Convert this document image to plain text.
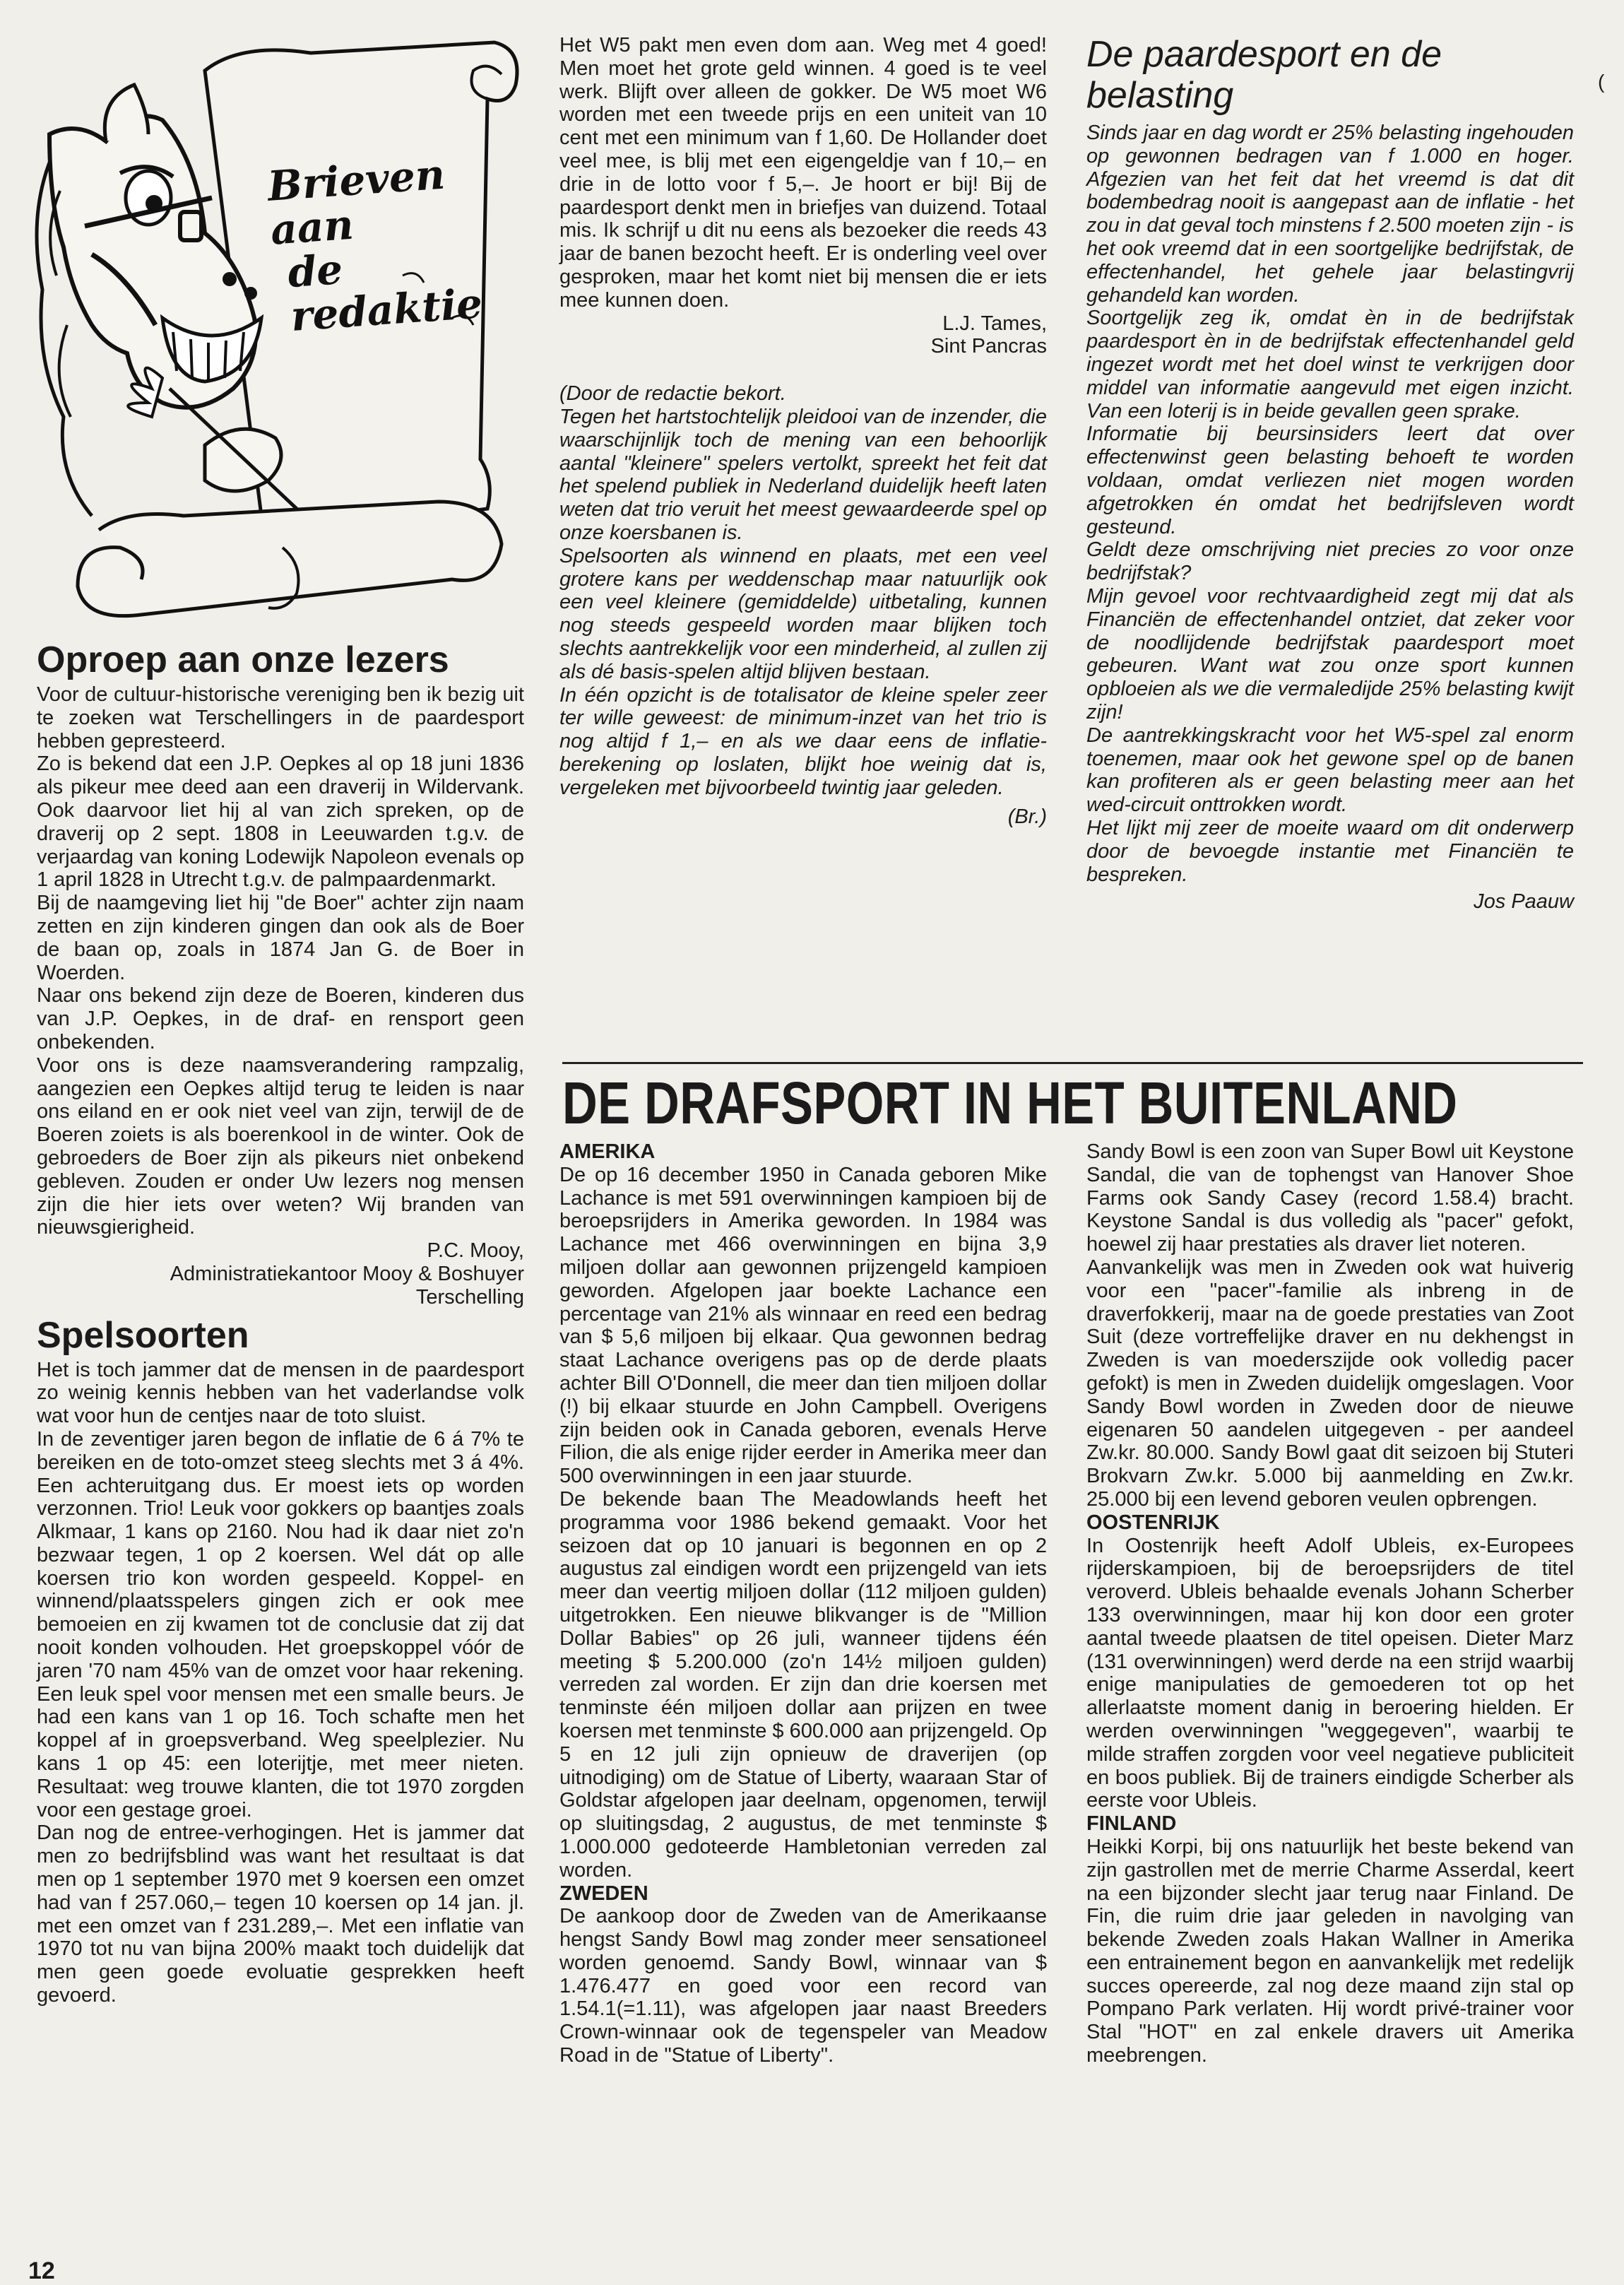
(
Brieven aan
de redaktie
Oproep aan onze lezers

Voor de cultuur-historische vereniging ben ik bezig uit te zoeken wat Terschellingers in de paardesport hebben gepresteerd.

Zo is bekend dat een J.P. Oepkes al op 18 juni 1836 als pikeur mee deed aan een draverij in Wildervank. Ook daarvoor liet hij al van zich spreken, op de draverij op 2 sept. 1808 in Leeuwarden t.g.v. de verjaardag van koning Lodewijk Napoleon evenals op 1 april 1828 in Utrecht t.g.v. de palmpaardenmarkt.

Bij de naamgeving liet hij "de Boer" achter zijn naam zetten en zijn kinderen gingen dan ook als de Boer de baan op, zoals in 1874 Jan G. de Boer in Woerden.

Naar ons bekend zijn deze de Boeren, kinderen dus van J.P. Oepkes, in de draf- en rensport geen onbekenden.

Voor ons is deze naamsverandering rampzalig, aangezien een Oepkes altijd terug te leiden is naar ons eiland en er ook niet veel van zijn, terwijl de de Boeren zoiets is als boerenkool in de winter. Ook de gebroeders de Boer zijn als pikeurs niet onbekend gebleven. Zouden er onder Uw lezers nog mensen zijn die hier iets over weten? Wij branden van nieuwsgierigheid.

P.C. Mooy,

Administratiekantoor Mooy & Boshuyer

Terschelling

Spelsoorten

Het is toch jammer dat de mensen in de paardesport zo weinig kennis hebben van het vaderlandse volk wat voor hun de centjes naar de toto sluist.

In de zeventiger jaren begon de inflatie de 6 á 7% te bereiken en de toto-omzet steeg slechts met 3 á 4%. Een achteruitgang dus. Er moest iets op worden verzonnen. Trio! Leuk voor gokkers op baantjes zoals Alkmaar, 1 kans op 2160. Nou had ik daar niet zo'n bezwaar tegen, 1 op 2 koersen. Wel dát op alle koersen trio kon worden gespeeld. Koppel- en winnend/plaatsspelers gingen zich er ook mee bemoeien en zij kwamen tot de conclusie dat zij dat nooit konden volhouden. Het groepskoppel vóór de jaren '70 nam 45% van de omzet voor haar rekening. Een leuk spel voor mensen met een smalle beurs. Je had een kans van 1 op 16. Toch schafte men het koppel af in groepsverband. Weg speelplezier. Nu kans 1 op 45: een loterijtje, met meer nieten. Resultaat: weg trouwe klanten, die tot 1970 zorgden voor een gestage groei.

Dan nog de entree-verhogingen. Het is jammer dat men zo bedrijfsblind was want het resultaat is dat men op 1 september 1970 met 9 koersen een omzet had van f 257.060,– tegen 10 koersen op 14 jan. jl. met een omzet van f 231.289,–. Met een inflatie van 1970 tot nu van bijna 200% maakt toch duidelijk dat men geen goede evoluatie gesprekken heeft gevoerd.

Het W5 pakt men even dom aan. Weg met 4 goed! Men moet het grote geld winnen. 4 goed is te veel werk. Blijft over alleen de gokker. De W5 moet W6 worden met een tweede prijs en een uniteit van 10 cent met een minimum van f 1,60. De Hollander doet veel mee, is blij met een eigengeldje van f 10,– en drie in de lotto voor f 5,–. Je hoort er bij! Bij de paardesport denkt men in briefjes van duizend. Totaal mis. Ik schrijf u dit nu eens als bezoeker die reeds 43 jaar de banen bezocht heeft. Er is onderling veel over gesproken, maar het komt niet bij mensen die er iets mee kunnen doen.

L.J. Tames,

Sint Pancras

(Door de redactie bekort.

Tegen het hartstochtelijk pleidooi van de inzender, die waarschijnlijk toch de mening van een behoorlijk aantal "kleinere" spelers vertolkt, spreekt het feit dat het spelend publiek in Nederland duidelijk heeft laten weten dat trio veruit het meest gewaardeerde spel op onze koersbanen is.

Spelsoorten als winnend en plaats, met een veel grotere kans per weddenschap maar natuurlijk ook een veel kleinere (gemiddelde) uitbetaling, kunnen nog steeds gespeeld worden maar blijken toch slechts aantrekkelijk voor een minderheid, al zullen zij als dé basis-spelen altijd blijven bestaan.

In één opzicht is de totalisator de kleine speler zeer ter wille geweest: de minimum-inzet van het trio is nog altijd f 1,– en als we daar eens de inflatie-berekening op loslaten, blijkt hoe weinig dat is, vergeleken met bijvoorbeeld twintig jaar geleden.

(Br.)

De paardesport en de
belasting

Sinds jaar en dag wordt er 25% belasting ingehouden op gewonnen bedragen van f 1.000 en hoger. Afgezien van het feit dat het vreemd is dat dit bodembedrag nooit is aangepast aan de inflatie - het zou in dat geval toch minstens f 2.500 moeten zijn - is het ook vreemd dat in een soortgelijke bedrijfstak, de effectenhandel, het gehele jaar belastingvrij gehandeld kan worden.

Soortgelijk zeg ik, omdat èn in de bedrijfstak paardesport èn in de bedrijfstak effectenhandel geld ingezet wordt met het doel winst te verkrijgen door middel van informatie aangevuld met eigen inzicht. Van een loterij is in beide gevallen geen sprake.

Informatie bij beursinsiders leert dat over effectenwinst geen belasting behoeft te worden voldaan, omdat verliezen niet mogen worden afgetrokken én omdat het bedrijfsleven wordt gesteund.

Geldt deze omschrijving niet precies zo voor onze bedrijfstak?

Mijn gevoel voor rechtvaardigheid zegt mij dat als Financiën de effectenhandel ontziet, dat zeker voor de noodlijdende bedrijfstak paardesport moet gebeuren. Want wat zou onze sport kunnen opbloeien als we die vermaledijde 25% belasting kwijt zijn!

De aantrekkingskracht voor het W5-spel zal enorm toenemen, maar ook het gewone spel op de banen kan profiteren als er geen belasting meer aan het wed-circuit onttrokken wordt.

Het lijkt mij zeer de moeite waard om dit onderwerp door de bevoegde instantie met Financiën te bespreken.

Jos Paauw

DE DRAFSPORT IN HET BUITENLAND

AMERIKA

De op 16 december 1950 in Canada geboren Mike Lachance is met 591 overwinningen kampioen bij de beroepsrijders in Amerika geworden. In 1984 was Lachance met 466 overwinningen en bijna 3,9 miljoen dollar aan gewonnen prijzengeld kampioen geworden. Afgelopen jaar boekte Lachance een percentage van 21% als winnaar en reed een bedrag van $ 5,6 miljoen bij elkaar. Qua gewonnen bedrag staat Lachance overigens pas op de derde plaats achter Bill O'Donnell, die meer dan tien miljoen dollar (!) bij elkaar stuurde en John Campbell. Overigens zijn beiden ook in Canada geboren, evenals Herve Filion, die als enige rijder eerder in Amerika meer dan 500 overwinningen in een jaar stuurde.

De bekende baan The Meadowlands heeft het programma voor 1986 bekend gemaakt. Voor het seizoen dat op 10 januari is begonnen en op 2 augustus zal eindigen wordt een prijzengeld van iets meer dan veertig miljoen dollar (112 miljoen gulden) uitgetrokken. Een nieuwe blikvanger is de "Million Dollar Babies" op 26 juli, wanneer tijdens één meeting $ 5.200.000 (zo'n 14½ miljoen gulden) verreden zal worden. Er zijn dan drie koersen met tenminste één miljoen dollar aan prijzen en twee koersen met tenminste $ 600.000 aan prijzengeld. Op 5 en 12 juli zijn opnieuw de draverijen (op uitnodiging) om de Statue of Liberty, waaraan Star of Goldstar afgelopen jaar deelnam, opgenomen, terwijl op sluitingsdag, 2 augustus, de met tenminste $ 1.000.000 gedoteerde Hambletonian verreden zal worden.

ZWEDEN

De aankoop door de Zweden van de Amerikaanse hengst Sandy Bowl mag zonder meer sensationeel worden genoemd. Sandy Bowl, winnaar van $ 1.476.477 en goed voor een record van 1.54.1(=1.11), was afgelopen jaar naast Breeders Crown-winnaar ook de tegenspeler van Meadow Road in de "Statue of Liberty".

Sandy Bowl is een zoon van Super Bowl uit Keystone Sandal, die van de tophengst van Hanover Shoe Farms ook Sandy Casey (record 1.58.4) bracht. Keystone Sandal is dus volledig als "pacer" gefokt, hoewel zij haar prestaties als draver liet noteren.

Aanvankelijk was men in Zweden ook wat huiverig voor een "pacer"-familie als inbreng in de draverfokkerij, maar na de goede prestaties van Zoot Suit (deze vortreffelijke draver en nu dekhengst in Zweden is van moederszijde ook volledig pacer gefokt) is men in Zweden duidelijk omgeslagen. Voor Sandy Bowl worden in Zweden door de nieuwe eigenaren 50 aandelen uitgegeven - per aandeel Zw.kr. 80.000. Sandy Bowl gaat dit seizoen bij Stuteri Brokvarn Zw.kr. 5.000 bij aanmelding en Zw.kr. 25.000 bij een levend geboren veulen opbrengen.

OOSTENRIJK

In Oostenrijk heeft Adolf Ubleis, ex-Europees rijderskampioen, bij de beroepsrijders de titel veroverd. Ubleis behaalde evenals Johann Scherber 133 overwinningen, maar hij kon door een groter aantal tweede plaatsen de titel opeisen. Dieter Marz (131 overwinningen) werd derde na een strijd waarbij enige manipulaties de gemoederen tot op het allerlaatste moment danig in beroering hielden. Er werden overwinningen "weggegeven", waarbij te milde straffen zorgden voor veel negatieve publiciteit en boos publiek. Bij de trainers eindigde Scherber als eerste voor Ubleis.

FINLAND

Heikki Korpi, bij ons natuurlijk het beste bekend van zijn gastrollen met de merrie Charme Asserdal, keert na een bijzonder slecht jaar terug naar Finland. De Fin, die ruim drie jaar geleden in navolging van bekende Zweden zoals Hakan Wallner in Amerika een entrainement begon en aanvankelijk met redelijk succes opereerde, zal nog deze maand zijn stal op Pompano Park verlaten. Hij wordt privé-trainer voor Stal "HOT" en zal enkele dravers uit Amerika meebrengen.

12
